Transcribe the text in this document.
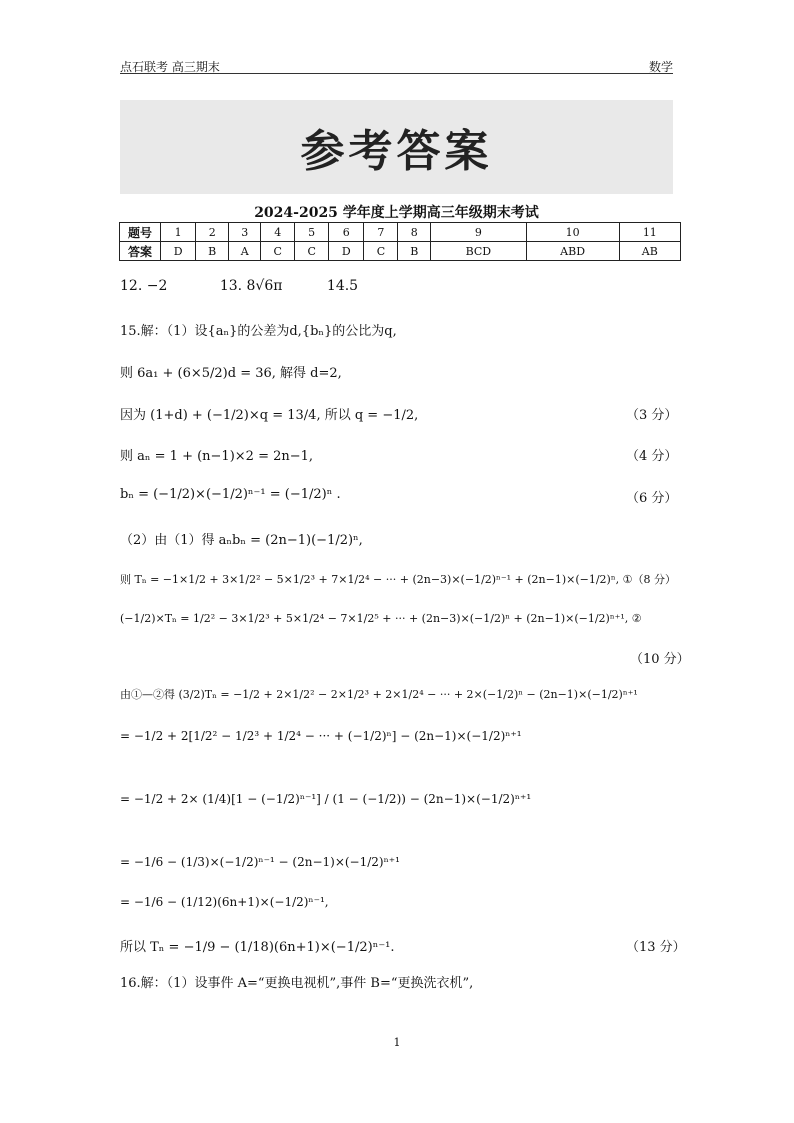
点石联考 高三期末	数学
参考答案
2024-2025 学年度上学期高三年级期末考试
题号	1	2	3	4	5	6	7	8	9	10	11
答案	D	B	A	C	C	D	C	B	BCD	ABD	AB
12. −2	13. 8√6π	14.5
15.解：（1）设{aₙ}的公差为d,{bₙ}的公比为q,
则 6a₁ + (6×5/2)d = 36, 解得 d=2,
因为 (1+d) + (−1/2)×q = 13/4, 所以 q = −1/2,	（3 分）
则 aₙ = 1 + (n−1)×2 = 2n−1,	（4 分）
bₙ = (−1/2)×(−1/2)ⁿ⁻¹ = (−1/2)ⁿ .	（6 分）
（2）由（1）得 aₙbₙ = (2n−1)(−1/2)ⁿ,
则 Tₙ = −1×1/2 + 3×1/2² − 5×1/2³ + 7×1/2⁴ − ··· + (2n−3)×(−1/2)ⁿ⁻¹ + (2n−1)×(−1/2)ⁿ, ①（8 分）
(−1/2)×Tₙ = 1/2² − 3×1/2³ + 5×1/2⁴ − 7×1/2⁵ + ··· + (2n−3)×(−1/2)ⁿ + (2n−1)×(−1/2)ⁿ⁺¹, ②
（10 分）
由①—②得 (3/2)Tₙ = −1/2 + 2×1/2² − 2×1/2³ + 2×1/2⁴ − ··· + 2×(−1/2)ⁿ − (2n−1)×(−1/2)ⁿ⁺¹
= −1/2 + 2[1/2² − 1/2³ + 1/2⁴ − ··· + (−1/2)ⁿ] − (2n−1)×(−1/2)ⁿ⁺¹
= −1/2 + 2× (1/4)[1 − (−1/2)ⁿ⁻¹] / (1 − (−1/2)) − (2n−1)×(−1/2)ⁿ⁺¹
= −1/6 − (1/3)×(−1/2)ⁿ⁻¹ − (2n−1)×(−1/2)ⁿ⁺¹
= −1/6 − (1/12)(6n+1)×(−1/2)ⁿ⁻¹,
所以 Tₙ = −1/9 − (1/18)(6n+1)×(−1/2)ⁿ⁻¹.	（13 分）
16.解：（1）设事件 A=“更换电视机”,事件 B=“更换洗衣机”,
1
